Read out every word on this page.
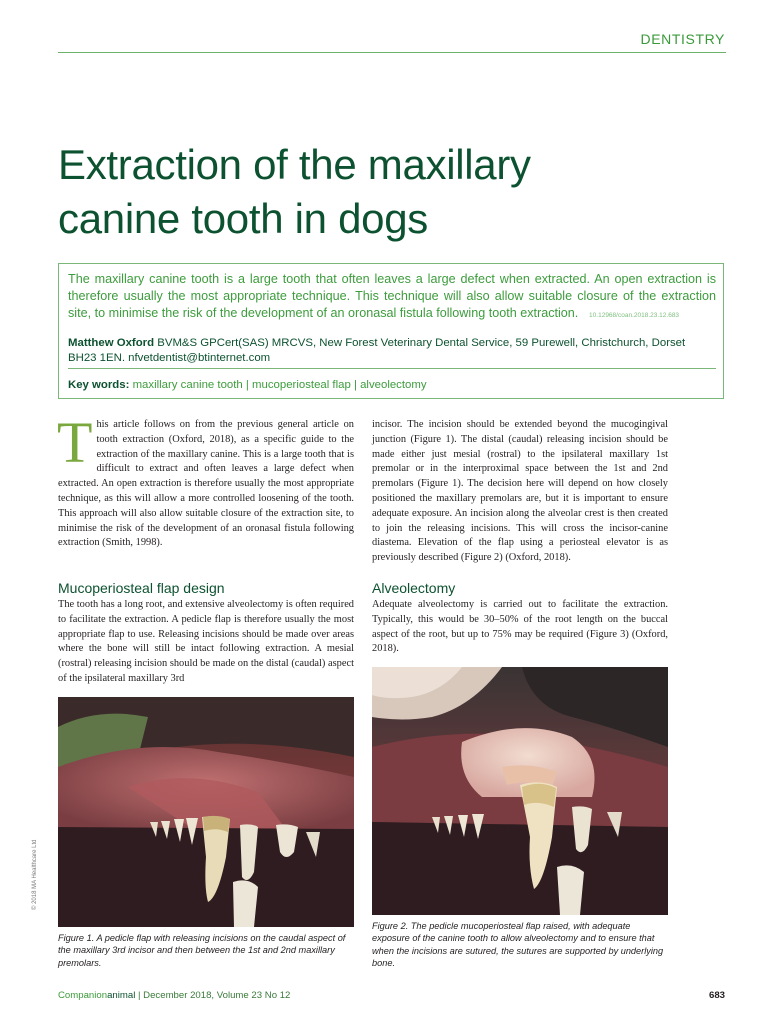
DENTISTRY
Extraction of the maxillary
canine tooth in dogs
The maxillary canine tooth is a large tooth that often leaves a large defect when extracted. An open extraction is therefore usually the most appropriate technique. This technique will also allow suitable closure of the extraction site, to minimise the risk of the development of an oronasal fistula following tooth extraction. 10.12968/coan.2018.23.12.683
Matthew Oxford BVM&S GPCert(SAS) MRCVS, New Forest Veterinary Dental Service, 59 Purewell, Christchurch, Dorset BH23 1EN. nfvetdentist@btinternet.com
Key words: maxillary canine tooth | mucoperiosteal flap | alveolectomy

This article follows on from the previous general article on tooth extraction (Oxford, 2018), as a specific guide to the extraction of the maxillary canine. This is a large tooth that is difficult to extract and often leaves a large defect when extracted. An open extraction is therefore usually the most appropriate technique, as this will allow a more controlled loosening of the tooth. This approach will also allow suitable closure of the extraction site, to minimise the risk of the development of an oronasal fistula following extraction (Smith, 1998).

Mucoperiosteal flap design

The tooth has a long root, and extensive alveolectomy is often required to facilitate the extraction. A pedicle flap is therefore usually the most appropriate flap to use. Releasing incisions should be made over areas where the bone will still be intact following extraction. A mesial (rostral) releasing incision should be made on the distal (caudal) aspect of the ipsilateral maxillary 3rd

incisor. The incision should be extended beyond the mucogingival junction (Figure 1). The distal (caudal) releasing incision should be made either just mesial (rostral) to the ipsilateral maxillary 1st premolar or in the interproximal space between the 1st and 2nd premolars (Figure 1). The decision here will depend on how closely positioned the maxillary premolars are, but it is important to ensure adequate exposure. An incision along the alveolar crest is then created to join the releasing incisions. This will cross the incisor-canine diastema. Elevation of the flap using a periosteal elevator is as previously described (Figure 2) (Oxford, 2018).

Alveolectomy

Adequate alveolectomy is carried out to facilitate the extraction. Typically, this would be 30–50% of the root length on the buccal aspect of the root, but up to 75% may be required (Figure 3) (Oxford, 2018).

Figure 1. A pedicle flap with releasing incisions on the caudal aspect of the maxillary 3rd incisor and then between the 1st and 2nd maxillary premolars.
Figure 2. The pedicle mucoperiosteal flap raised, with adequate exposure of the canine tooth to allow alveolectomy and to ensure that when the incisions are sutured, the sutures are supported by underlying bone.
© 2018 MA Healthcare Ltd
Companionanimal | December 2018, Volume 23 No 12	683
